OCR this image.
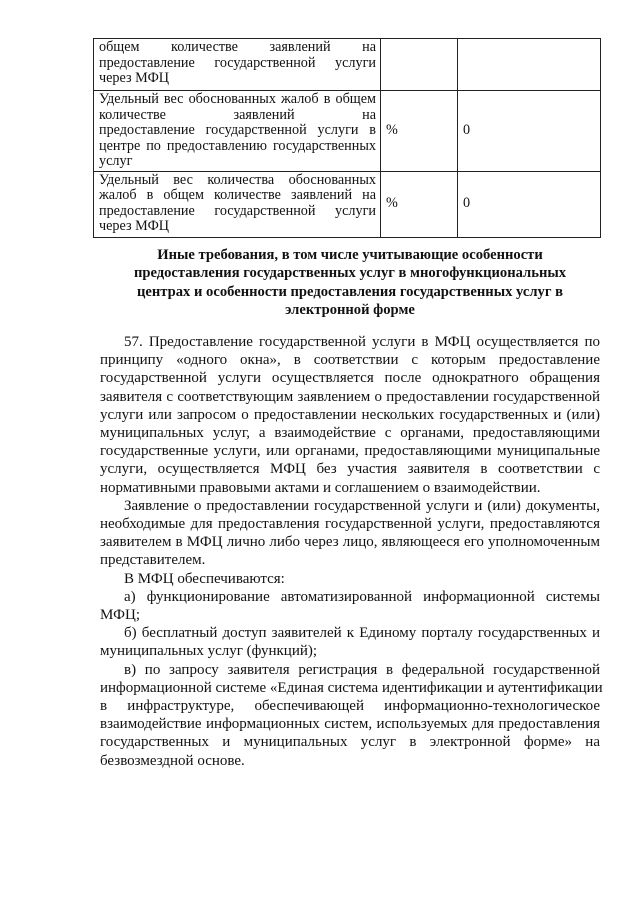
общем количестве заявлений на
предоставление государственной услуги
через МФЦ		

Удельный вес обоснованных жалоб в общем
количестве заявлений на
предоставление государственной услуги в
центре по предоставлению государственных
услуг	%	0

Удельный вес количества обоснованных
жалоб в общем количестве заявлений на
предоставление государственной услуги
через МФЦ	%	0
Иные требования, в том числе учитывающие особенности
предоставления государственных услуг в многофункциональных
центрах и особенности предоставления государственных услуг в
электронной форме
57. Предоставление государственной услуги в МФЦ осуществляется по
принципу «одного окна», в соответствии с которым предоставление
государственной услуги осуществляется после однократного обращения
заявителя с соответствующим заявлением о предоставлении государственной
услуги или запросом о предоставлении нескольких государственных и (или)
муниципальных услуг, а взаимодействие с органами, предоставляющими
государственные услуги, или органами, предоставляющими муниципальные
услуги, осуществляется МФЦ без участия заявителя в соответствии с
нормативными правовыми актами и соглашением о взаимодействии.
Заявление о предоставлении государственной услуги и (или) документы,
необходимые для предоставления государственной услуги, предоставляются
заявителем в МФЦ лично либо через лицо, являющееся его уполномоченным
представителем.
В МФЦ обеспечиваются:
а) функционирование автоматизированной информационной системы
МФЦ;
б) бесплатный доступ заявителей к Единому порталу государственных и
муниципальных услуг (функций);
в) по запросу заявителя регистрация в федеральной государственной
информационной системе «Единая система идентификации и аутентификации
в инфраструктуре, обеспечивающей информационно-технологическое
взаимодействие информационных систем, используемых для предоставления
государственных и муниципальных услуг в электронной форме» на
безвозмездной основе.
